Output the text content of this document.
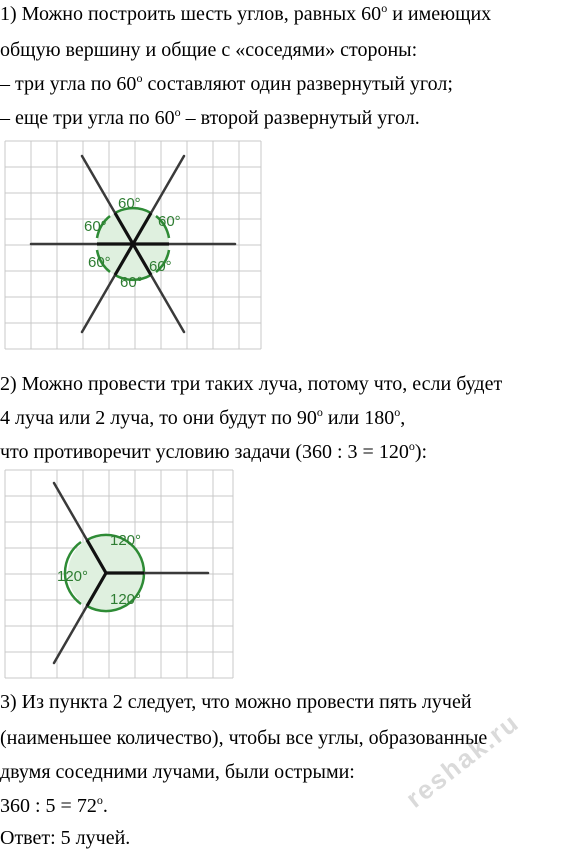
1) Можно построить шесть углов, равных 60$^o$ и имеющих
общую вершину и общие с «соседями» стороны:
– три угла по 60$^o$ составляют один развернутый угол;
– еще три угла по 60$^o$ – второй развернутый угол.
60°
60°
60°
60°
60°
60°
2) Можно провести три таких луча, потому что, если будет
4 луча или 2 луча, то они будут по 90$^o$ или 180$^o$,
что противоречит условию задачи (360 : $3 = 120^o$):
120°
120°
120°
3) Из пункта 2 следует, что можно провести пять лучей
(наименьшее количество), чтобы все углы, образованные
двумя соседними лучами, были острыми:
360 : $5 = 72^o$.
Ответ: 5 лучей.
reshak.ru
